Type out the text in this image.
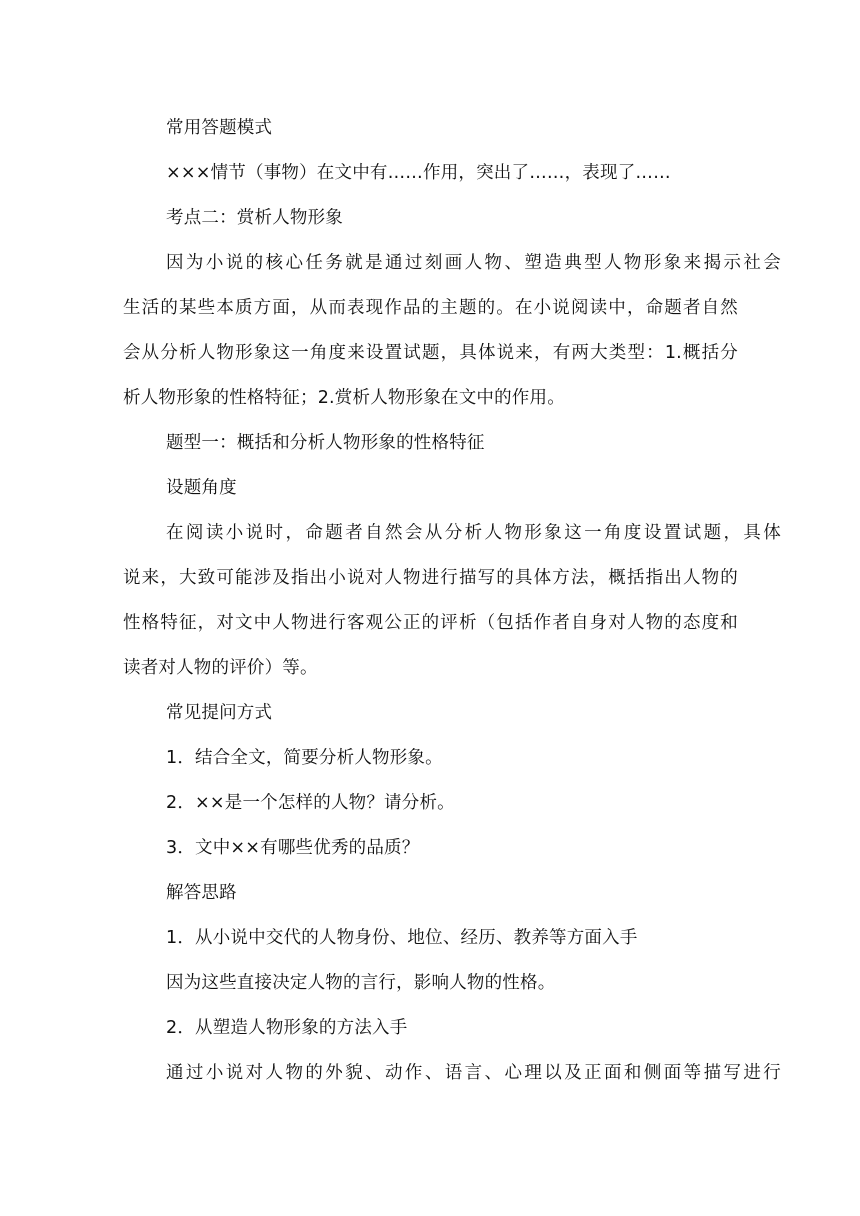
常用答题模式
×××情节（事物）在文中有……作用，突出了……，表现了……
考点二：赏析人物形象
因为小说的核心任务就是通过刻画人物、塑造典型人物形象来揭示社会
生活的某些本质方面，从而表现作品的主题的。在小说阅读中，命题者自然
会从分析人物形象这一角度来设置试题，具体说来，有两大类型：1.概括分
析人物形象的性格特征；2.赏析人物形象在文中的作用。
题型一：概括和分析人物形象的性格特征
设题角度
在阅读小说时，命题者自然会从分析人物形象这一角度设置试题，具体
说来，大致可能涉及指出小说对人物进行描写的具体方法，概括指出人物的
性格特征，对文中人物进行客观公正的评析（包括作者自身对人物的态度和
读者对人物的评价）等。
常见提问方式
1．结合全文，简要分析人物形象。
2．××是一个怎样的人物？请分析。
3．文中××有哪些优秀的品质？
解答思路
1．从小说中交代的人物身份、地位、经历、教养等方面入手
因为这些直接决定人物的言行，影响人物的性格。
2．从塑造人物形象的方法入手
通过小说对人物的外貌、动作、语言、心理以及正面和侧面等描写进行
